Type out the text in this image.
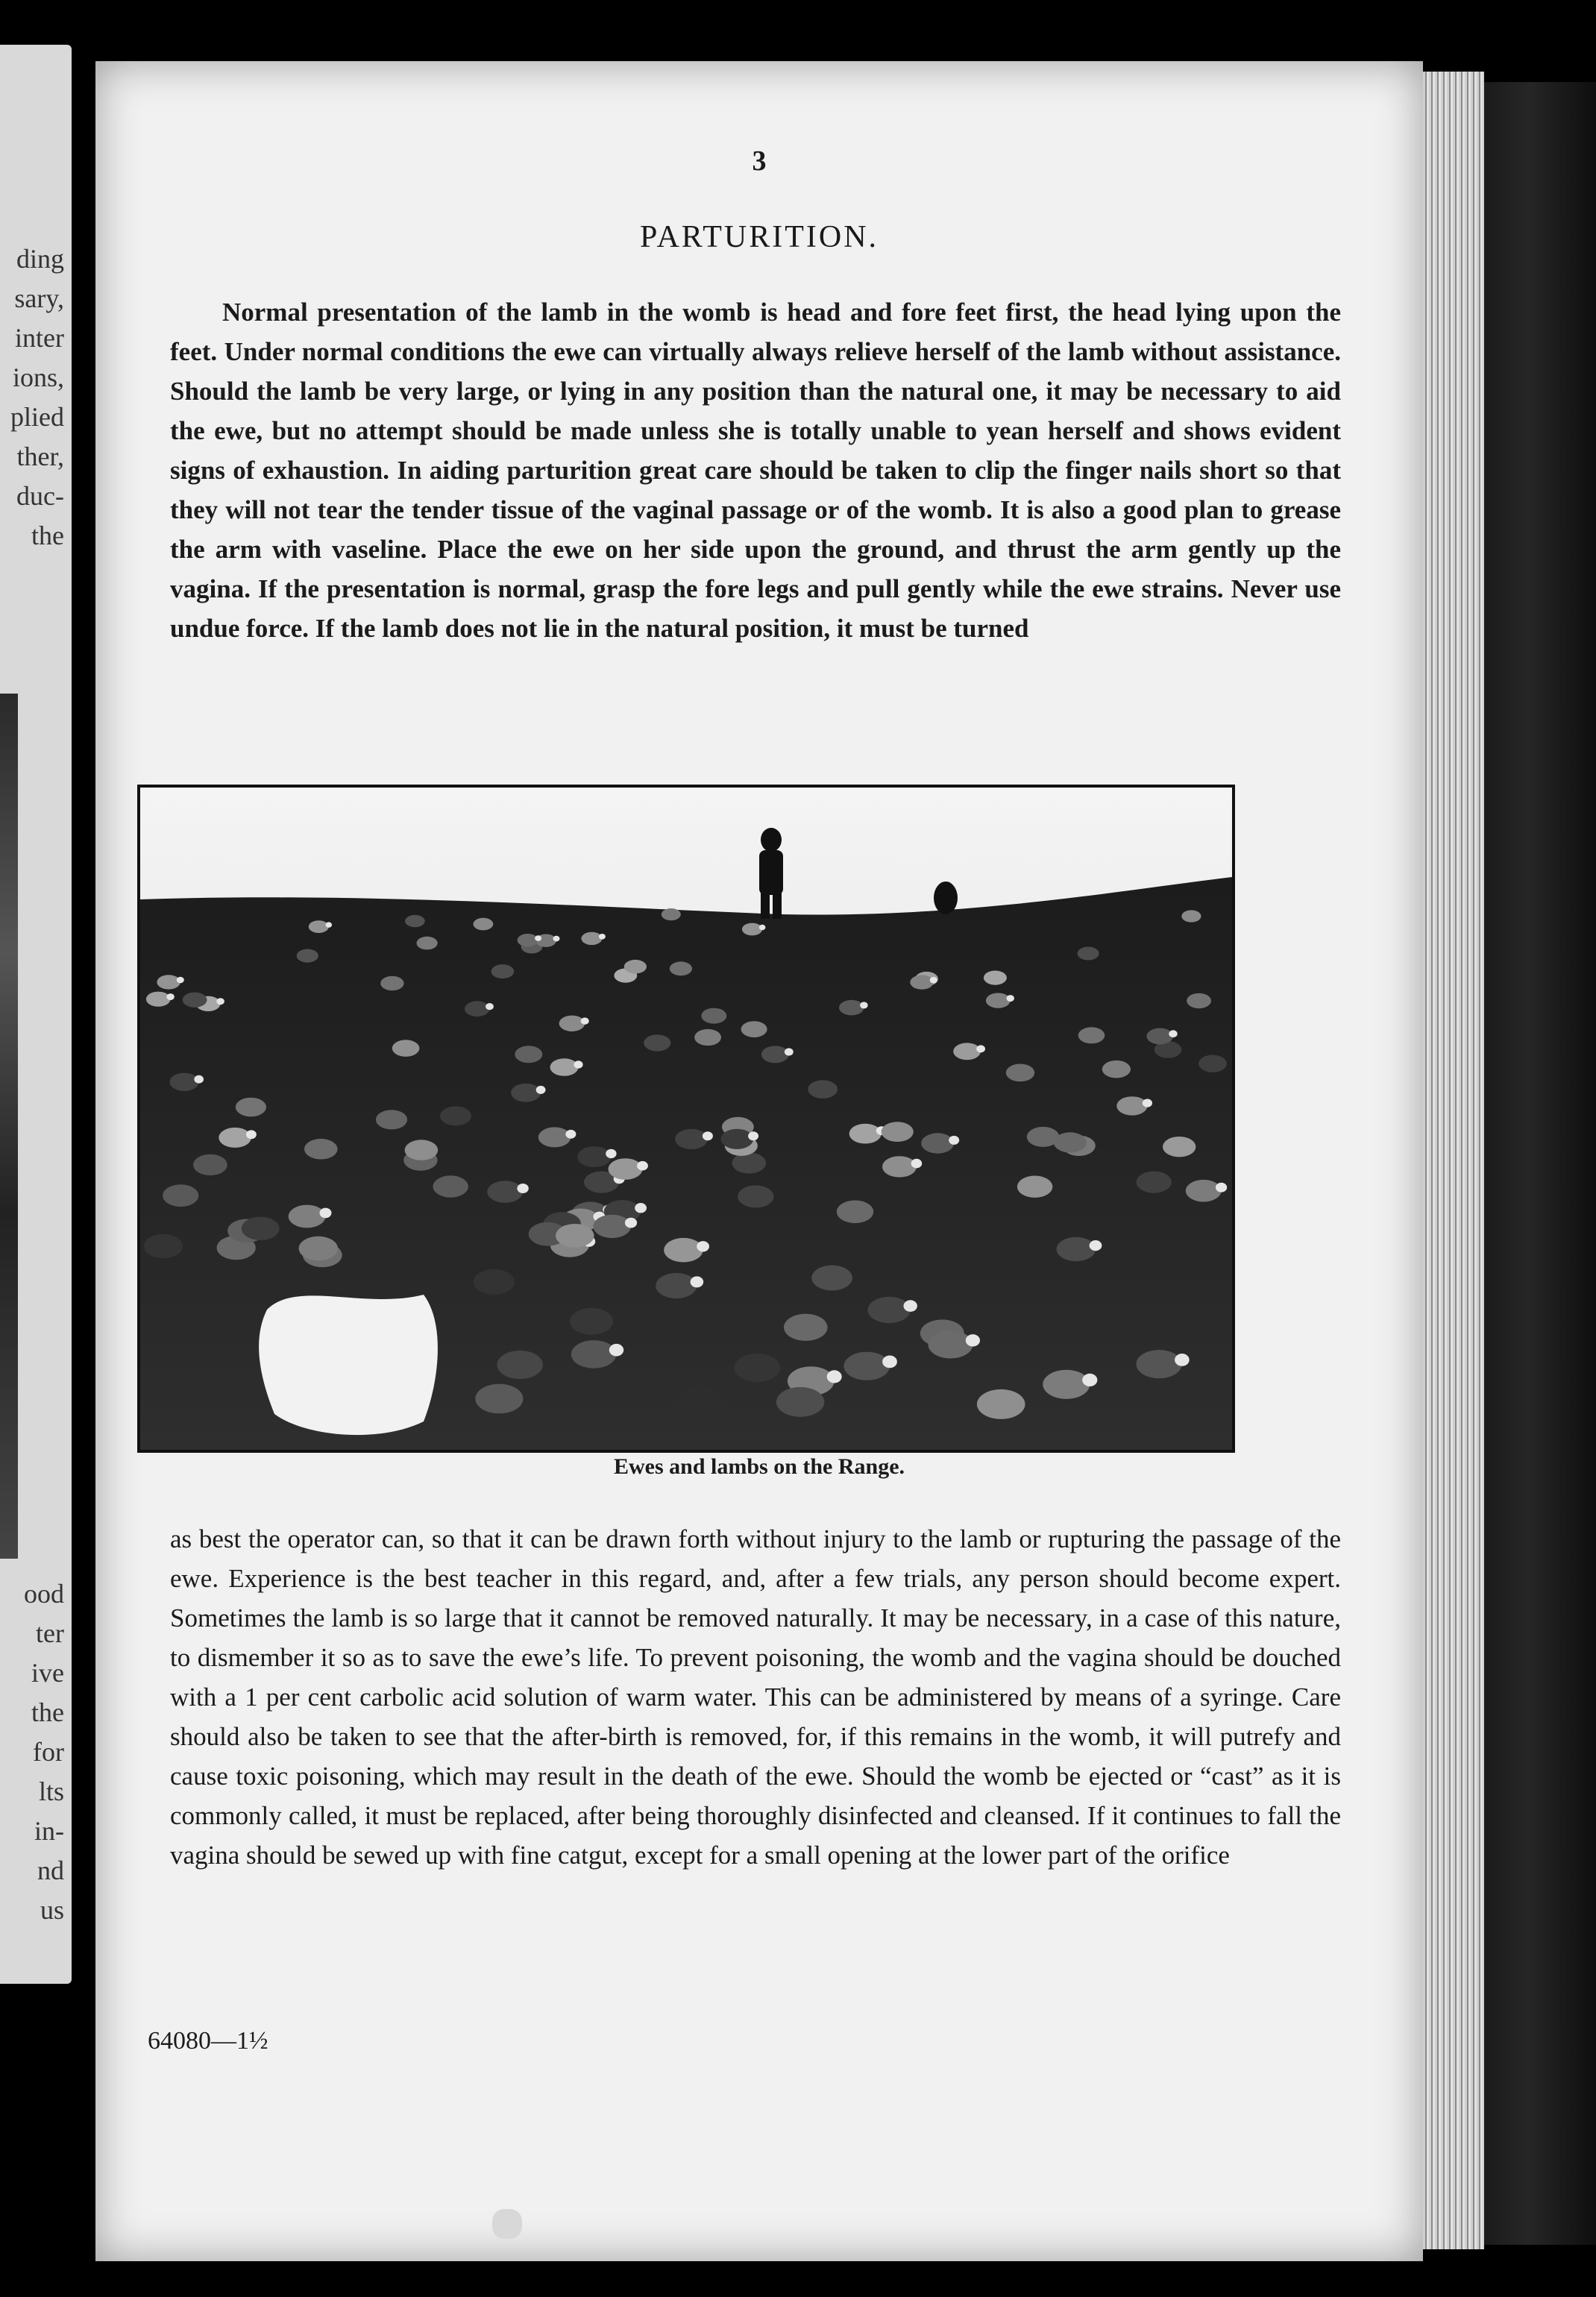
ding
sary,
inter
ions,
plied
ther,
duc-
the
ood
ter
ive
the
for
lts
in-
nd
us
3
PARTURITION.

Normal presentation of the lamb in the womb is head and fore feet first, the head lying upon the feet. Under normal conditions the ewe can virtually always relieve herself of the lamb without assistance. Should the lamb be very large, or lying in any position than the natural one, it may be necessary to aid the ewe, but no attempt should be made unless she is totally unable to yean herself and shows evident signs of exhaustion. In aiding parturition great care should be taken to clip the finger nails short so that they will not tear the tender tissue of the vaginal passage or of the womb. It is also a good plan to grease the arm with vaseline. Place the ewe on her side upon the ground, and thrust the arm gently up the vagina. If the presentation is normal, grasp the fore legs and pull gently while the ewe strains. Never use undue force. If the lamb does not lie in the natural position, it must be turned

Ewes and lambs on the Range.

as best the operator can, so that it can be drawn forth without injury to the lamb or rupturing the passage of the ewe. Experience is the best teacher in this regard, and, after a few trials, any person should become expert. Sometimes the lamb is so large that it cannot be removed naturally. It may be necessary, in a case of this nature, to dismember it so as to save the ewe’s life. To prevent poisoning, the womb and the vagina should be douched with a 1 per cent carbolic acid solution of warm water. This can be administered by means of a syringe. Care should also be taken to see that the after-birth is removed, for, if this remains in the womb, it will putrefy and cause toxic poisoning, which may result in the death of the ewe. Should the womb be ejected or “cast” as it is commonly called, it must be replaced, after being thoroughly disinfected and cleansed. If it continues to fall the vagina should be sewed up with fine catgut, except for a small opening at the lower part of the orifice

64080—1½
